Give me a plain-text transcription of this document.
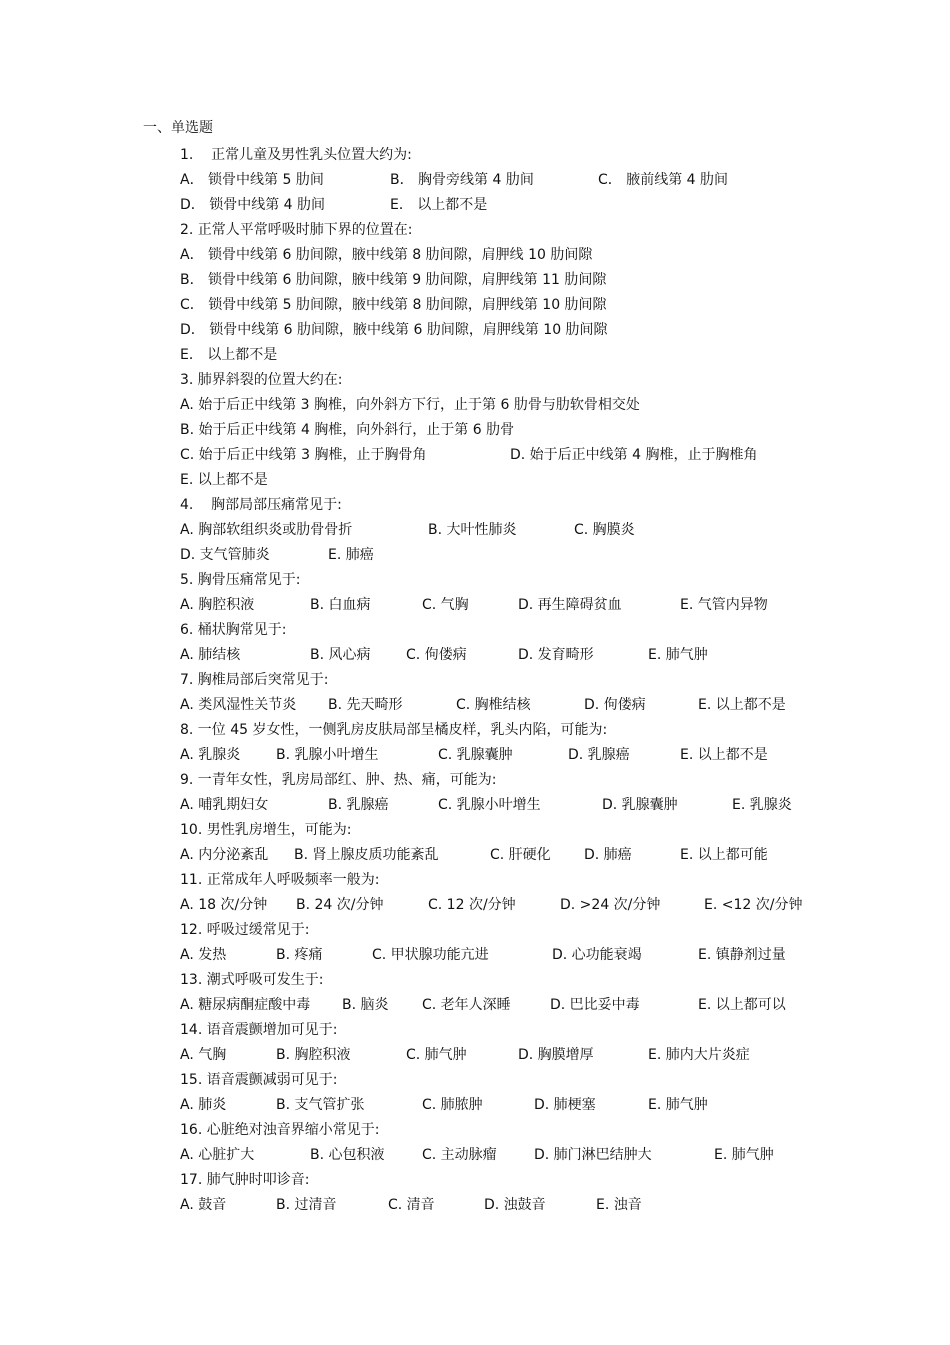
一、单选题
1.    正常儿童及男性乳头位置大约为:
A． 锁骨中线第 5 肋间	B． 胸骨旁线第 4 肋间	C． 腋前线第 4 肋间
D． 锁骨中线第 4 肋间	E． 以上都不是
2. 正常人平常呼吸时肺下界的位置在:
A． 锁骨中线第 6 肋间隙，腋中线第 8 肋间隙，肩胛线 10 肋间隙
B． 锁骨中线第 6 肋间隙，腋中线第 9 肋间隙，肩胛线第 11 肋间隙
C． 锁骨中线第 5 肋间隙，腋中线第 8 肋间隙，肩胛线第 10 肋间隙
D． 锁骨中线第 6 肋间隙，腋中线第 6 肋间隙，肩胛线第 10 肋间隙
E． 以上都不是
3. 肺界斜裂的位置大约在:
A. 始于后正中线第 3 胸椎，向外斜方下行，止于第 6 肋骨与肋软骨相交处
B. 始于后正中线第 4 胸椎，向外斜行，止于第 6 肋骨
C. 始于后正中线第 3 胸椎，止于胸骨角	D. 始于后正中线第 4 胸椎，止于胸椎角
E. 以上都不是
4.    胸部局部压痛常见于:
A. 胸部软组织炎或肋骨骨折	B. 大叶性肺炎	C. 胸膜炎
D. 支气管肺炎	E. 肺癌
5. 胸骨压痛常见于:
A. 胸腔积液	B. 白血病	C. 气胸	D. 再生障碍贫血	E. 气管内异物
6. 桶状胸常见于:
A. 肺结核	B. 风心病	C. 佝偻病	D. 发育畸形	E. 肺气肿
7. 胸椎局部后突常见于:
A. 类风湿性关节炎 B. 先天畸形	C. 胸椎结核	D. 佝偻病	E. 以上都不是
8. 一位 45 岁女性，一侧乳房皮肤局部呈橘皮样，乳头内陷，可能为:
A. 乳腺炎	B. 乳腺小叶增生	C. 乳腺囊肿	D. 乳腺癌	E. 以上都不是
9. 一青年女性，乳房局部红、肿、热、痛，可能为:
A. 哺乳期妇女	B. 乳腺癌	C. 乳腺小叶增生	D. 乳腺囊肿	E. 乳腺炎
10. 男性乳房增生，可能为:
A. 内分泌紊乱 B. 肾上腺皮质功能紊乱	C. 肝硬化 D. 肺癌	E. 以上都可能
11. 正常成年人呼吸频率一般为:
A. 18 次/分钟 B. 24 次/分钟	C. 12 次/分钟	D. >24 次/分钟	E. <12 次/分钟
12. 呼吸过缓常见于:
A. 发热	B. 疼痛	C. 甲状腺功能亢进	D. 心功能衰竭	E. 镇静剂过量
13. 潮式呼吸可发生于:
A. 糖尿病酮症酸中毒 B. 脑炎 C. 老年人深睡	D. 巴比妥中毒	E. 以上都可以
14. 语音震颤增加可见于:
A. 气胸	B. 胸腔积液	C. 肺气肿	D. 胸膜增厚	E. 肺内大片炎症
15. 语音震颤减弱可见于:
A. 肺炎	B. 支气管扩张	C. 肺脓肿	D. 肺梗塞	E. 肺气肿
16. 心脏绝对浊音界缩小常见于:
A. 心脏扩大	B. 心包积液	C. 主动脉瘤	D. 肺门淋巴结肿大	E. 肺气肿
17. 肺气肿时叩诊音:
A. 鼓音	B. 过清音	C. 清音	D. 浊鼓音	E. 浊音
